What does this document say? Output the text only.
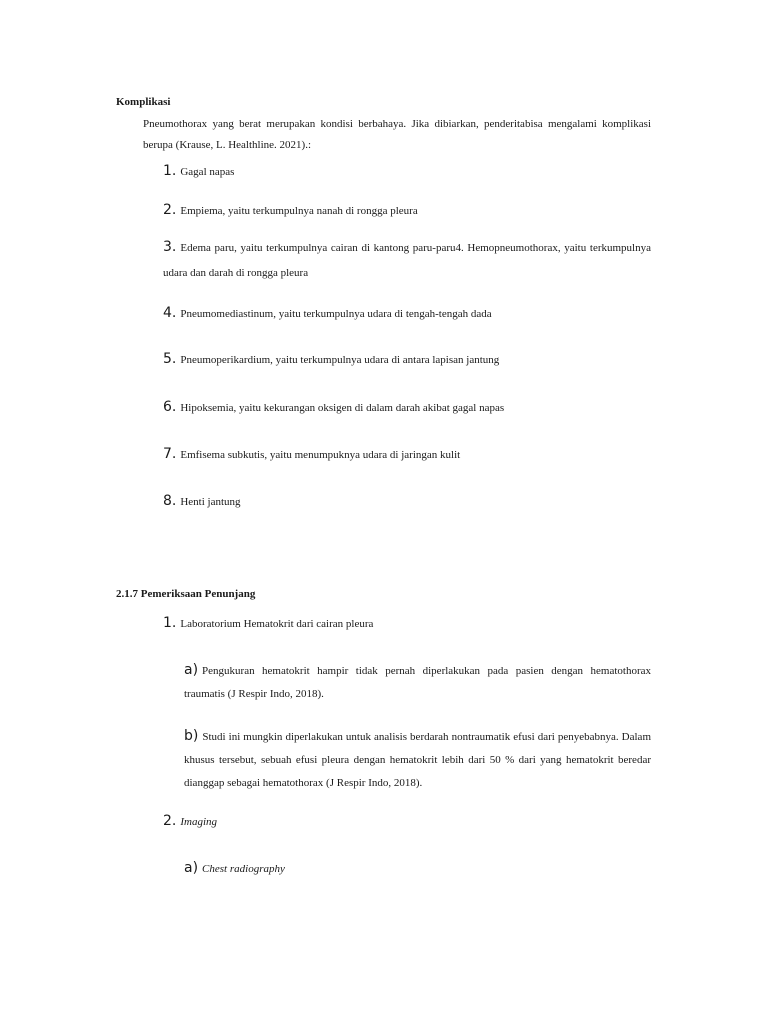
Komplikasi
Pneumothorax yang berat merupakan kondisi berbahaya. Jika dibiarkan, penderitabisa mengalami komplikasi berupa (Krause, L. Healthline. 2021).:
1. Gagal napas
2. Empiema, yaitu terkumpulnya nanah di rongga pleura
3. Edema paru, yaitu terkumpulnya cairan di kantong paru-paru4. Hemopneumothorax, yaitu terkumpulnya udara dan darah di rongga pleura
4. Pneumomediastinum, yaitu terkumpulnya udara di tengah-tengah dada
5. Pneumoperikardium, yaitu terkumpulnya udara di antara lapisan jantung
6. Hipoksemia, yaitu kekurangan oksigen di dalam darah akibat gagal napas
7. Emfisema subkutis, yaitu menumpuknya udara di jaringan kulit
8. Henti jantung
2.1.7 Pemeriksaan Penunjang
1. Laboratorium Hematokrit dari cairan pleura
a) Pengukuran hematokrit hampir tidak pernah diperlakukan pada pasien dengan hematothorax traumatis (J Respir Indo, 2018).
b) Studi ini mungkin diperlakukan untuk analisis berdarah nontraumatik efusi dari penyebabnya. Dalam khusus tersebut, sebuah efusi pleura dengan hematokrit lebih dari 50 % dari yang hematokrit beredar dianggap sebagai hematothorax (J Respir Indo, 2018).
2. Imaging
a) Chest radiography
